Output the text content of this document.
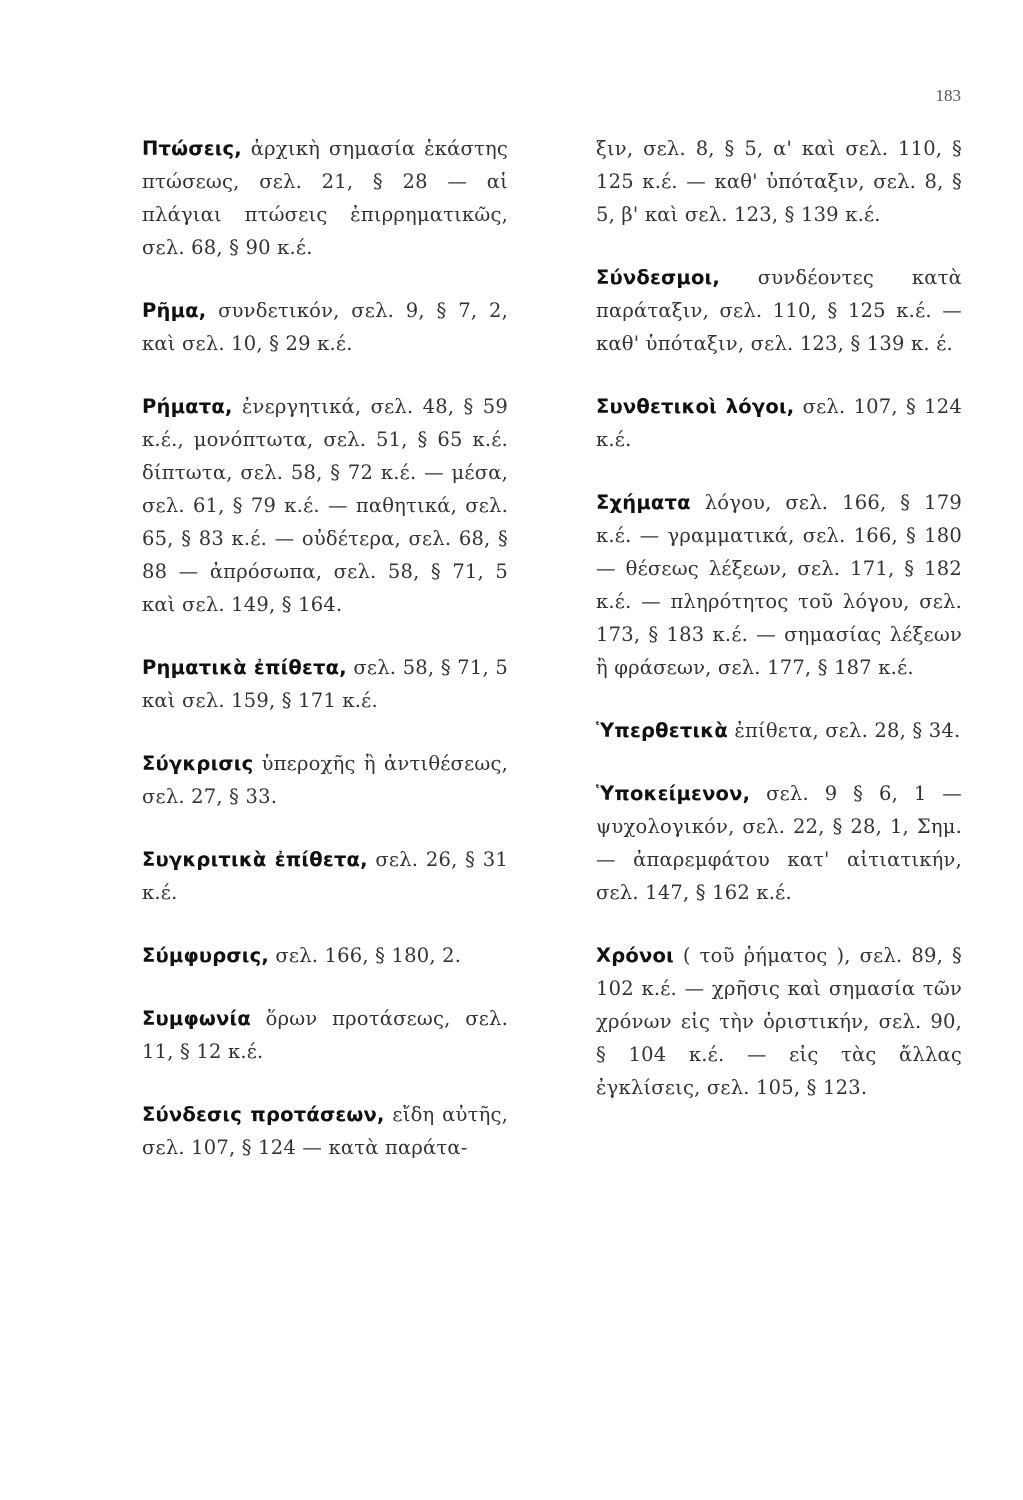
183

Πτώσεις, ἀρχικὴ σημασία ἑκάστης πτώσεως, σελ. 21, § 28 — αἱ πλάγιαι πτώσεις ἐπιρρηματικῶς, σελ. 68, § 90 κ.έ.

Ρῆμα, συνδετικόν, σελ. 9, § 7, 2, καὶ σελ. 10, § 29 κ.έ.

Ρήματα, ἐνεργητικά, σελ. 48, § 59 κ.έ., μονόπτωτα, σελ. 51, § 65 κ.έ. δίπτωτα, σελ. 58, § 72 κ.έ. — μέσα, σελ. 61, § 79 κ.έ. — παθητικά, σελ. 65, § 83 κ.έ. — οὐδέτερα, σελ. 68, § 88 — ἀπρόσωπα, σελ. 58, § 71, 5 καὶ σελ. 149, § 164.

Ρηματικὰ ἐπίθετα, σελ. 58, § 71, 5 καὶ σελ. 159, § 171 κ.έ.

Σύγκρισις ὑπεροχῆς ἢ ἀντιθέσεως, σελ. 27, § 33.

Συγκριτικὰ ἐπίθετα, σελ. 26, § 31 κ.έ.

Σύμφυρσις, σελ. 166, § 180, 2.

Συμφωνία ὅρων προτάσεως, σελ. 11, § 12 κ.έ.

Σύνδεσις προτάσεων, εἴδη αὐτῆς, σελ. 107, § 124 — κατὰ παράτα-

ξιν, σελ. 8, § 5, α' καὶ σελ. 110, § 125 κ.έ. — καθ' ὑπόταξιν, σελ. 8, § 5, β' καὶ σελ. 123, § 139 κ.έ.

Σύνδεσμοι, συνδέοντες κατὰ παράταξιν, σελ. 110, § 125 κ.έ. — καθ' ὑπόταξιν, σελ. 123, § 139 κ. έ.

Συνθετικοὶ λόγοι, σελ. 107, § 124 κ.έ.

Σχήματα λόγου, σελ. 166, § 179 κ.έ. — γραμματικά, σελ. 166, § 180 — θέσεως λέξεων, σελ. 171, § 182 κ.έ. — πληρότητος τοῦ λόγου, σελ. 173, § 183 κ.έ. — σημασίας λέξεων ἢ φράσεων, σελ. 177, § 187 κ.έ.

Ὑπερθετικὰ ἐπίθετα, σελ. 28, § 34.

Ὑποκείμενον, σελ. 9 § 6, 1 — ψυχολογικόν, σελ. 22, § 28, 1, Σημ. — ἀπαρεμφάτου κατ' αἰτιατικήν, σελ. 147, § 162 κ.έ.

Χρόνοι ( τοῦ ῥήματος ), σελ. 89, § 102 κ.έ. — χρῆσις καὶ σημασία τῶν χρόνων εἰς τὴν ὁριστικήν, σελ. 90, § 104 κ.έ. — εἰς τὰς ἄλλας ἐγκλίσεις, σελ. 105, § 123.
